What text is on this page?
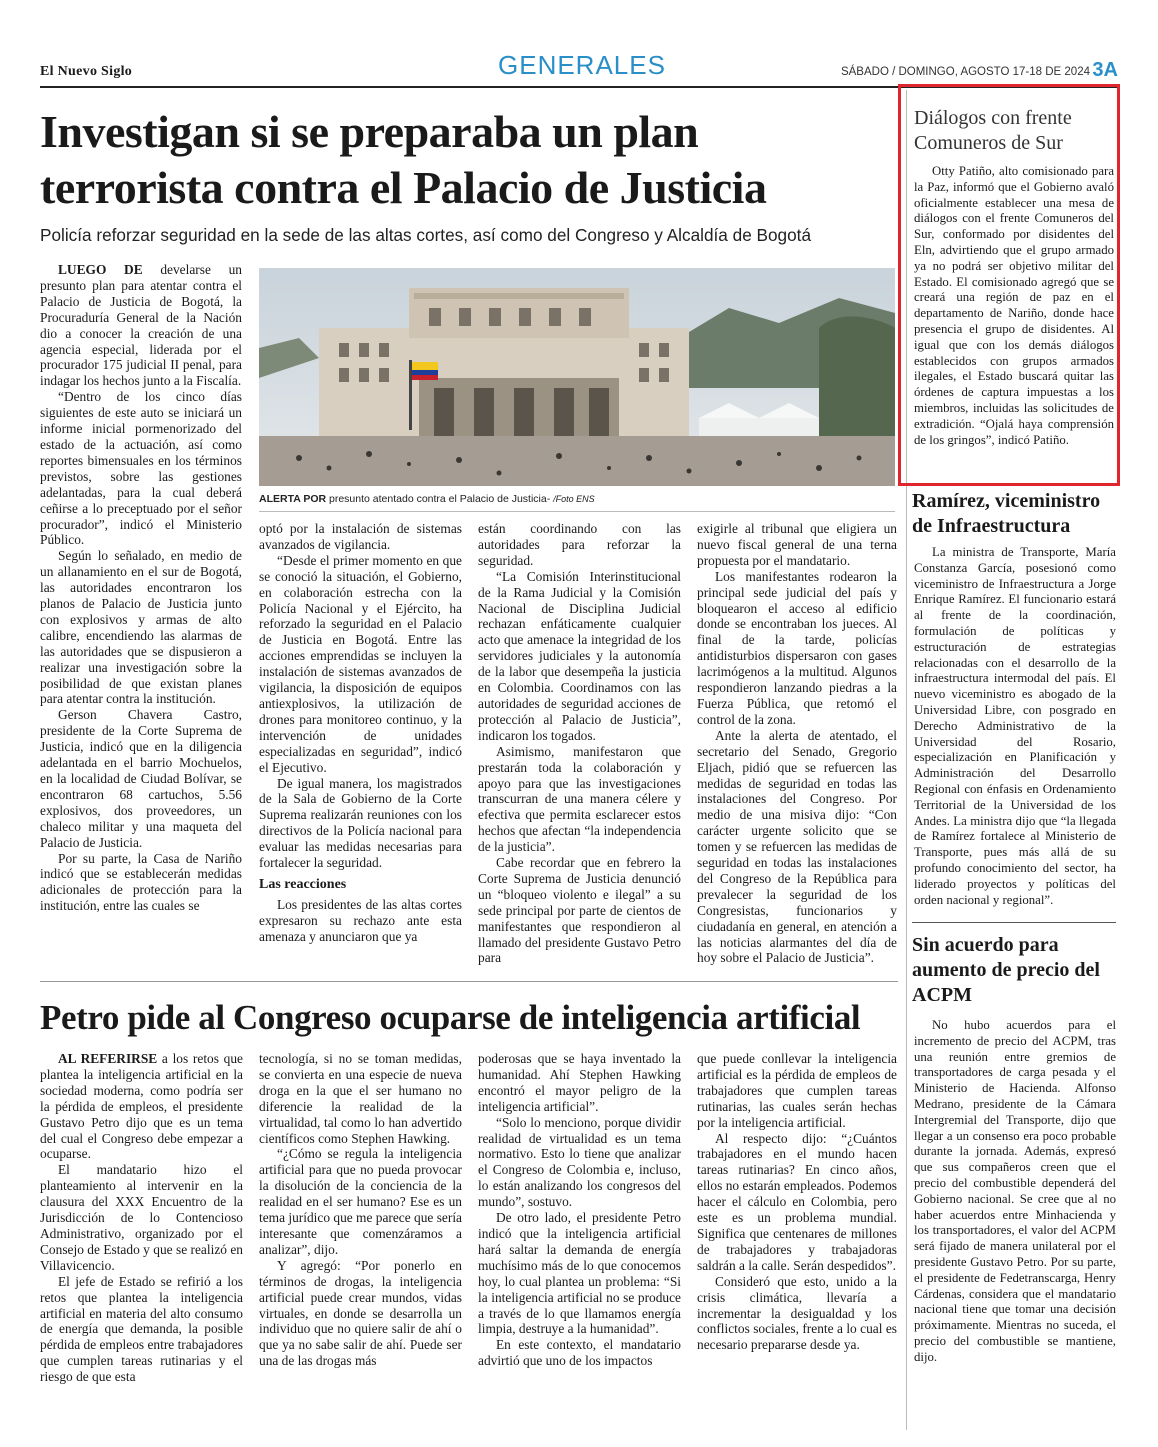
El Nuevo Siglo	GENERALES	SÁBADO / DOMINGO, AGOSTO 17-18 DE 2024 3A
Investigan si se preparaba un plan terrorista contra el Palacio de Justicia
Policía reforzar seguridad en la sede de las altas cortes, así como del Congreso y Alcaldía de Bogotá

LUEGO DE develarse un presunto plan para atentar contra el Palacio de Justicia de Bogotá, la Procuraduría General de la Nación dio a conocer la creación de una agencia especial, liderada por el procurador 175 judicial II penal, para indagar los hechos junto a la Fiscalía.

“Dentro de los cinco días siguientes de este auto se iniciará un informe inicial pormenorizado del estado de la actuación, así como reportes bimensuales en los términos previstos, sobre las gestiones adelantadas, para la cual deberá ceñirse a lo preceptuado por el señor procurador”, indicó el Ministerio Público.

Según lo señalado, en medio de un allanamiento en el sur de Bogotá, las autoridades encontraron los planos de Palacio de Justicia junto con explosivos y armas de alto calibre, encendiendo las alarmas de las autoridades que se dispusieron a realizar una investigación sobre la posibilidad de que existan planes para atentar contra la institución.

Gerson Chavera Castro, presidente de la Corte Suprema de Justicia, indicó que en la diligencia adelantada en el barrio Mochuelos, en la localidad de Ciudad Bolívar, se encontraron 68 cartuchos, 5.56 explosivos, dos proveedores, un chaleco militar y una maqueta del Palacio de Justicia.

Por su parte, la Casa de Nariño indicó que se establecerán medidas adicionales de protección para la institución, entre las cuales se

ALERTA POR presunto atentado contra el Palacio de Justicia- /Foto ENS

optó por la instalación de sistemas avanzados de vigilancia.

“Desde el primer momento en que se conoció la situación, el Gobierno, en colaboración estrecha con la Policía Nacional y el Ejército, ha reforzado la seguridad en el Palacio de Justicia en Bogotá. Entre las acciones emprendidas se incluyen la instalación de sistemas avanzados de vigilancia, la disposición de equipos antiexplosivos, la utilización de drones para monitoreo continuo, y la intervención de unidades especializadas en seguridad”, indicó el Ejecutivo.

De igual manera, los magistrados de la Sala de Gobierno de la Corte Suprema realizarán reuniones con los directivos de la Policía nacional para evaluar las medidas necesarias para fortalecer la seguridad.

Las reacciones

Los presidentes de las altas cortes expresaron su rechazo ante esta amenaza y anunciaron que ya

están coordinando con las autoridades para reforzar la seguridad.

“La Comisión Interinstitucional de la Rama Judicial y la Comisión Nacional de Disciplina Judicial rechazan enfáticamente cualquier acto que amenace la integridad de los servidores judiciales y la autonomía de la labor que desempeña la justicia en Colombia. Coordinamos con las autoridades de seguridad acciones de protección al Palacio de Justicia”, indicaron los togados.

Asimismo, manifestaron que prestarán toda la colaboración y apoyo para que las investigaciones transcurran de una manera célere y efectiva que permita esclarecer estos hechos que afectan “la independencia de la justicia”.

Cabe recordar que en febrero la Corte Suprema de Justicia denunció un “bloqueo violento e ilegal” a su sede principal por parte de cientos de manifestantes que respondieron al llamado del presidente Gustavo Petro para

exigirle al tribunal que eligiera un nuevo fiscal general de una terna propuesta por el mandatario.

Los manifestantes rodearon la principal sede judicial del país y bloquearon el acceso al edificio donde se encontraban los jueces. Al final de la tarde, policías antidisturbios dispersaron con gases lacrimógenos a la multitud. Algunos respondieron lanzando piedras a la Fuerza Pública, que retomó el control de la zona.

Ante la alerta de atentado, el secretario del Senado, Gregorio Eljach, pidió que se refuercen las medidas de seguridad en todas las instalaciones del Congreso. Por medio de una misiva dijo: “Con carácter urgente solicito que se tomen y se refuercen las medidas de seguridad en todas las instalaciones del Congreso de la República para prevalecer la seguridad de los Congresistas, funcionarios y ciudadanía en general, en atención a las noticias alarmantes del día de hoy sobre el Palacio de Justicia”.

Petro pide al Congreso ocuparse de inteligencia artificial

AL REFERIRSE a los retos que plantea la inteligencia artificial en la sociedad moderna, como podría ser la pérdida de empleos, el presidente Gustavo Petro dijo que es un tema del cual el Congreso debe empezar a ocuparse.

El mandatario hizo el planteamiento al intervenir en la clausura del XXX Encuentro de la Jurisdicción de lo Contencioso Administrativo, organizado por el Consejo de Estado y que se realizó en Villavicencio.

El jefe de Estado se refirió a los retos que plantea la inteligencia artificial en materia del alto consumo de energía que demanda, la posible pérdida de empleos entre trabajadores que cumplen tareas rutinarias y el riesgo de que esta

tecnología, si no se toman medidas, se convierta en una especie de nueva droga en la que el ser humano no diferencie la realidad de la virtualidad, tal como lo han advertido científicos como Stephen Hawking.

“¿Cómo se regula la inteligencia artificial para que no pueda provocar la disolución de la conciencia de la realidad en el ser humano? Ese es un tema jurídico que me parece que sería interesante que comenzáramos a analizar”, dijo.

Y agregó: “Por ponerlo en términos de drogas, la inteligencia artificial puede crear mundos, vidas virtuales, en donde se desarrolla un individuo que no quiere salir de ahí o que ya no sabe salir de ahí. Puede ser una de las drogas más

poderosas que se haya inventado la humanidad. Ahí Stephen Hawking encontró el mayor peligro de la inteligencia artificial”.

“Solo lo menciono, porque dividir realidad de virtualidad es un tema normativo. Esto lo tiene que analizar el Congreso de Colombia e, incluso, lo están analizando los congresos del mundo”, sostuvo.

De otro lado, el presidente Petro indicó que la inteligencia artificial hará saltar la demanda de energía muchísimo más de lo que conocemos hoy, lo cual plantea un problema: “Si la inteligencia artificial no se produce a través de lo que llamamos energía limpia, destruye a la humanidad”.

En este contexto, el mandatario advirtió que uno de los impactos

que puede conllevar la inteligencia artificial es la pérdida de empleos de trabajadores que cumplen tareas rutinarias, las cuales serán hechas por la inteligencia artificial.

Al respecto dijo: “¿Cuántos trabajadores en el mundo hacen tareas rutinarias? En cinco años, ellos no estarán empleados. Podemos hacer el cálculo en Colombia, pero este es un problema mundial. Significa que centenares de millones de trabajadores y trabajadoras saldrán a la calle. Serán despedidos”.

Consideró que esto, unido a la crisis climática, llevaría a incrementar la desigualdad y los conflictos sociales, frente a lo cual es necesario prepararse desde ya.

Diálogos con frente Comuneros de Sur

Otty Patiño, alto comisionado para la Paz, informó que el Gobierno avaló oficialmente establecer una mesa de diálogos con el frente Comuneros del Sur, conformado por disidentes del Eln, advirtiendo que el grupo armado ya no podrá ser objetivo militar del Estado. El comisionado agregó que se creará una región de paz en el departamento de Nariño, donde hace presencia el grupo de disidentes. Al igual que con los demás diálogos establecidos con grupos armados ilegales, el Estado buscará quitar las órdenes de captura impuestas a los miembros, incluidas las solicitudes de extradición. “Ojalá haya comprensión de los gringos”, indicó Patiño.

Ramírez, viceministro de Infraestructura

La ministra de Transporte, María Constanza García, posesionó como viceministro de Infraestructura a Jorge Enrique Ramírez. El funcionario estará al frente de la coordinación, formulación de políticas y estructuración de estrategias relacionadas con el desarrollo de la infraestructura intermodal del país. El nuevo viceministro es abogado de la Universidad Libre, con posgrado en Derecho Administrativo de la Universidad del Rosario, especialización en Planificación y Administración del Desarrollo Regional con énfasis en Ordenamiento Territorial de la Universidad de los Andes. La ministra dijo que “la llegada de Ramírez fortalece al Ministerio de Transporte, pues más allá de su profundo conocimiento del sector, ha liderado proyectos y políticas del orden nacional y regional”.

Sin acuerdo para aumento de precio del ACPM

No hubo acuerdos para el incremento de precio del ACPM, tras una reunión entre gremios de transportadores de carga pesada y el Ministerio de Hacienda. Alfonso Medrano, presidente de la Cámara Intergremial del Transporte, dijo que llegar a un consenso era poco probable durante la jornada. Además, expresó que sus compañeros creen que el precio del combustible dependerá del Gobierno nacional. Se cree que al no haber acuerdos entre Minhacienda y los transportadores, el valor del ACPM será fijado de manera unilateral por el presidente Gustavo Petro. Por su parte, el presidente de Fedetranscarga, Henry Cárdenas, considera que el mandatario nacional tiene que tomar una decisión próximamente. Mientras no suceda, el precio del combustible se mantiene, dijo.
